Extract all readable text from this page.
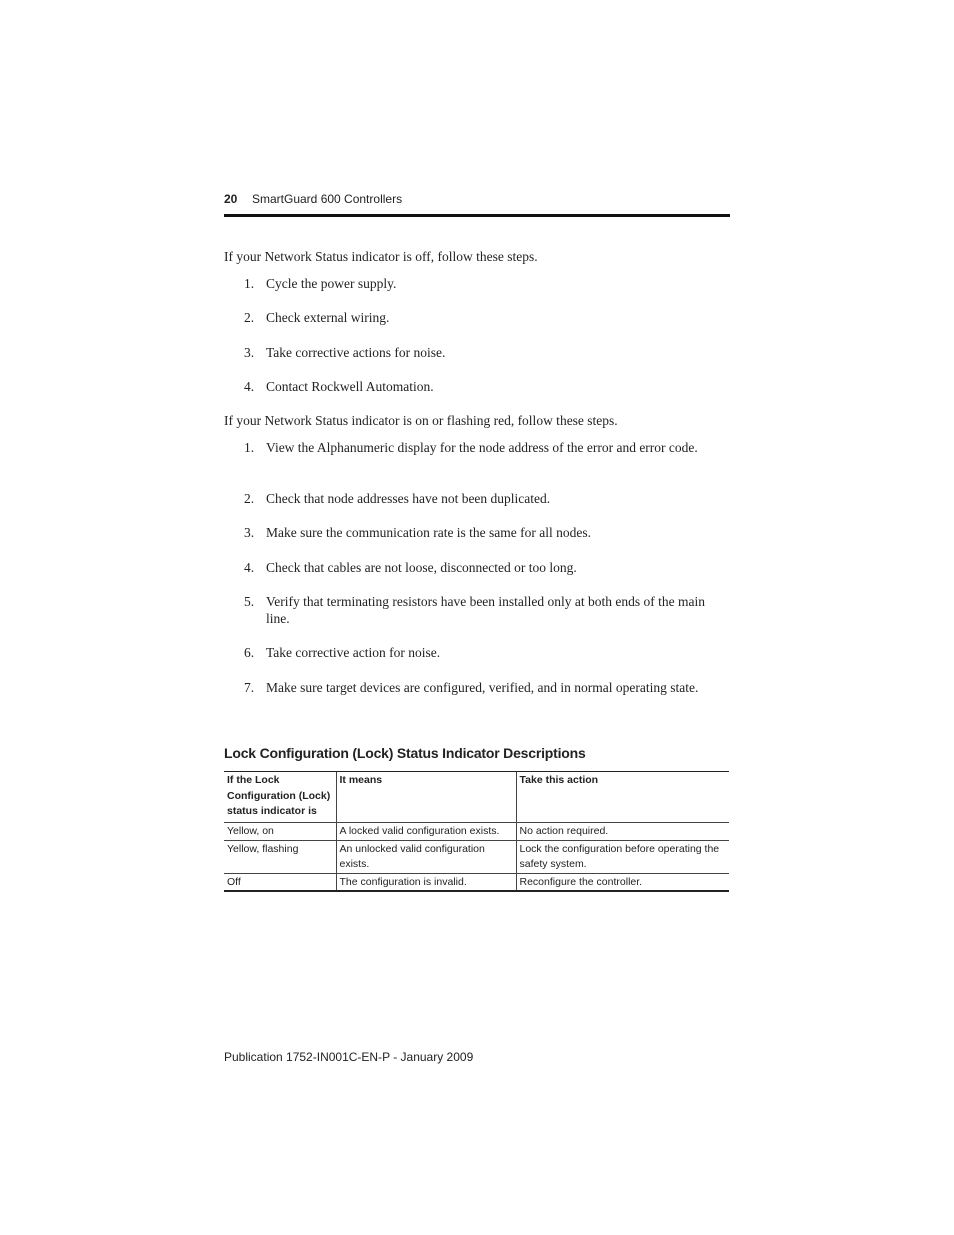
20 SmartGuard 600 Controllers

If your Network Status indicator is off, follow these steps.

1. Cycle the power supply.
2. Check external wiring.
3. Take corrective actions for noise.
4. Contact Rockwell Automation.

If your Network Status indicator is on or flashing red, follow these steps.

1. View the Alphanumeric display for the node address of the error and error code.
2. Check that node addresses have not been duplicated.
3. Make sure the communication rate is the same for all nodes.
4. Check that cables are not loose, disconnected or too long.
5. Verify that terminating resistors have been installed only at both ends of the main line.
6. Take corrective action for noise.
7. Make sure target devices are configured, verified, and in normal operating state.
Lock Configuration (Lock) Status Indicator Descriptions
If the Lock Configuration (Lock) status indicator is	It means	Take this action
Yellow, on	A locked valid configuration exists.	No action required.
Yellow, flashing	An unlocked valid configuration exists.	Lock the configuration before operating the safety system.
Off	The configuration is invalid.	Reconfigure the controller.
Publication 1752-IN001C-EN-P - January 2009
